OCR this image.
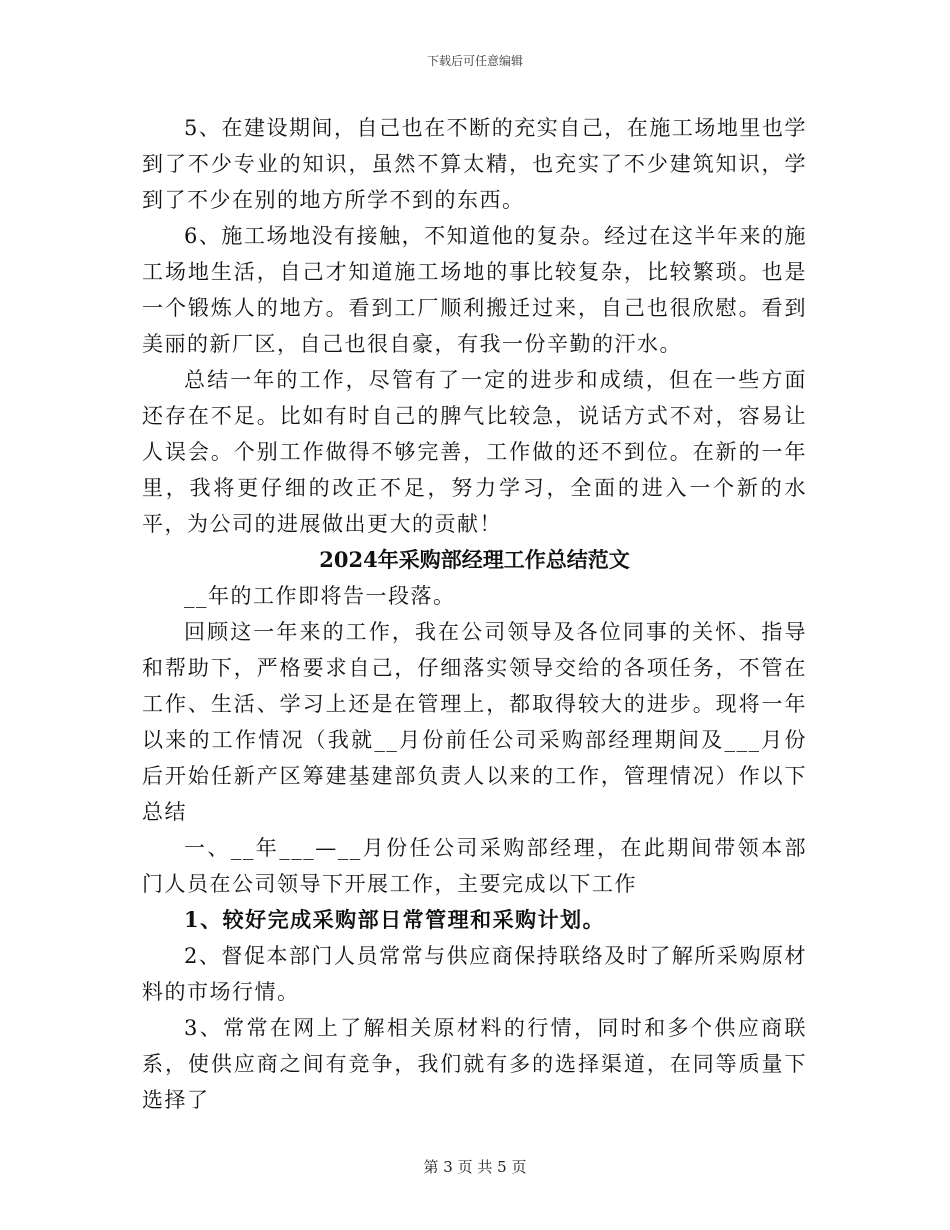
下载后可任意编辑

5、在建设期间，自己也在不断的充实自己，在施工场地里也学到了不少专业的知识，虽然不算太精，也充实了不少建筑知识，学到了不少在别的地方所学不到的东西。

6、施工场地没有接触，不知道他的复杂。经过在这半年来的施工场地生活，自己才知道施工场地的事比较复杂，比较繁琐。也是一个锻炼人的地方。看到工厂顺利搬迁过来，自己也很欣慰。看到美丽的新厂区，自己也很自豪，有我一份辛勤的汗水。

总结一年的工作，尽管有了一定的进步和成绩，但在一些方面还存在不足。比如有时自己的脾气比较急，说话方式不对，容易让人误会。个别工作做得不够完善，工作做的还不到位。在新的一年里，我将更仔细的改正不足，努力学习，全面的进入一个新的水平，为公司的进展做出更大的贡献！

2024年采购部经理工作总结范文

__年的工作即将告一段落。

回顾这一年来的工作，我在公司领导及各位同事的关怀、指导和帮助下，严格要求自己，仔细落实领导交给的各项任务，不管在工作、生活、学习上还是在管理上，都取得较大的进步。现将一年以来的工作情况（我就__月份前任公司采购部经理期间及___月份后开始任新产区筹建基建部负责人以来的工作，管理情况）作以下总结

一、__年___—__月份任公司采购部经理，在此期间带领本部门人员在公司领导下开展工作，主要完成以下工作

1、较好完成采购部日常管理和采购计划。

2、督促本部门人员常常与供应商保持联络及时了解所采购原材料的市场行情。

3、常常在网上了解相关原材料的行情，同时和多个供应商联系，使供应商之间有竞争，我们就有多的选择渠道，在同等质量下选择了

第 3 页 共 5 页
